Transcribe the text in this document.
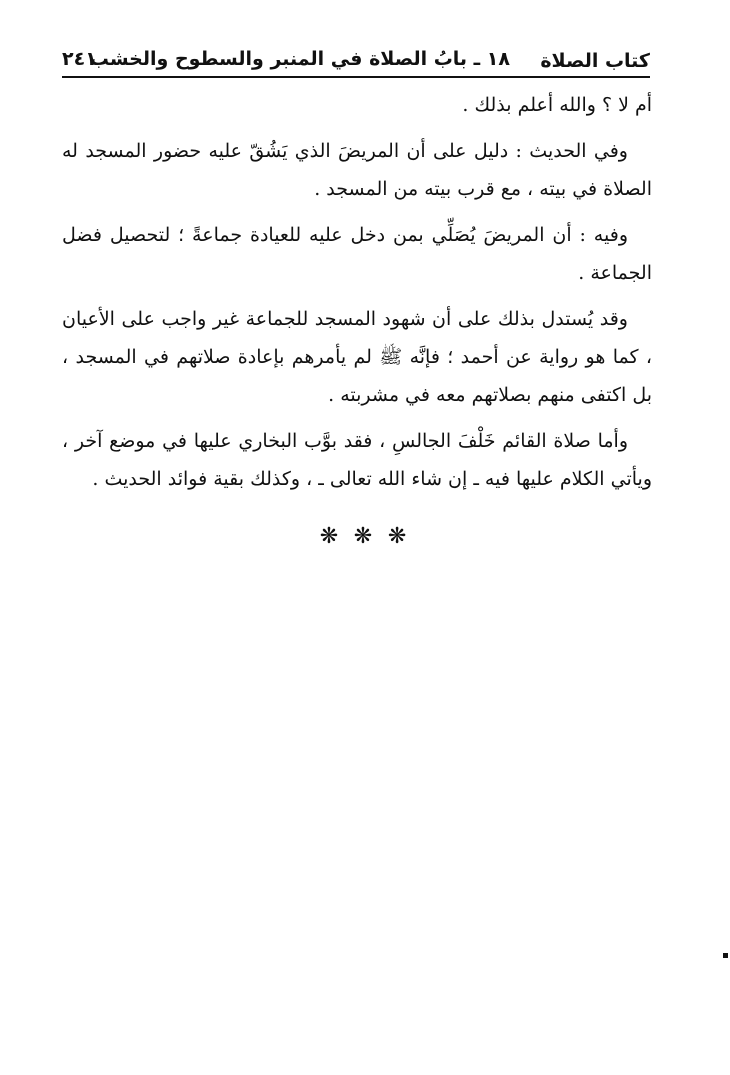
كتاب الصلاة
١٨ ـ بابُ الصلاة في المنبر والسطوح والخشب
٢٤١

أم لا ؟ والله أعلم بذلك .

وفي الحديث : دليل على أن المريضَ الذي يَشُقّ عليه حضور المسجد له الصلاة في بيته ، مع قرب بيته من المسجد .

وفيه : أن المريضَ يُصَلِّي بمن دخل عليه للعيادة جماعةً ؛ لتحصيل فضل الجماعة .

وقد يُستدل بذلك على أن شهود المسجد للجماعة غير واجب على الأعيان ، كما هو رواية عن أحمد ؛ فإنَّه ﷺ لم يأمرهم بإعادة صلاتهم في المسجد ، بل اكتفى منهم بصلاتهم معه في مشربته .

وأما صلاة القائم خَلْفَ الجالسِ ، فقد بوَّب البخاري عليها في موضع آخر ، ويأتي الكلام عليها فيه ـ إن شاء الله تعالى ـ ، وكذلك بقية فوائد الحديث .

❋ ❋ ❋
